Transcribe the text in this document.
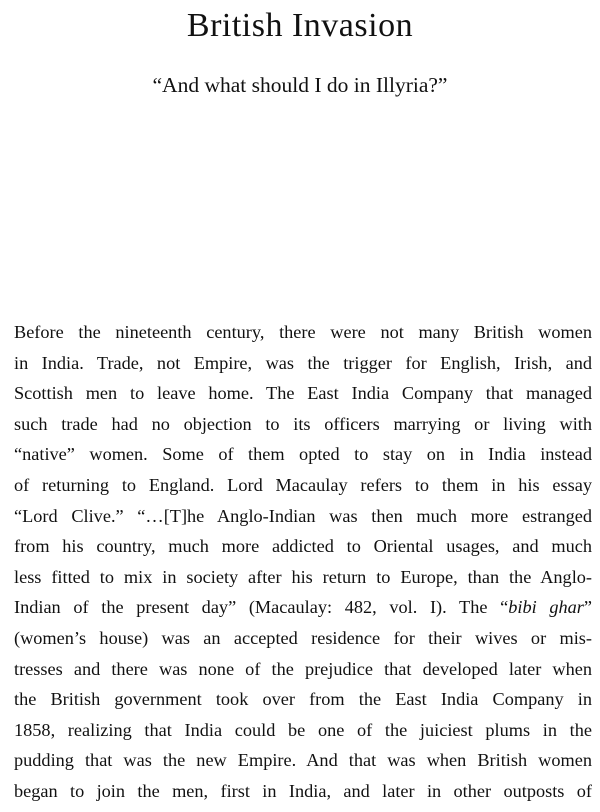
British Invasion

“And what should I do in Illyria?”

Before the nineteenth century, there were not many British women
in India. Trade, not Empire, was the trigger for English, Irish, and
Scottish men to leave home. The East India Company that managed
such trade had no objection to its officers marrying or living with
“native” women. Some of them opted to stay on in India instead
of returning to England. Lord Macaulay refers to them in his essay
“Lord Clive.” “…[T]he Anglo-Indian was then much more estranged
from his country, much more addicted to Oriental usages, and much
less fitted to mix in society after his return to Europe, than the Anglo-
Indian of the present day” (Macaulay: 482, vol. I). The “bibi ghar”
(women’s house) was an accepted residence for their wives or mis-
tresses and there was none of the prejudice that developed later when
the British government took over from the East India Company in
1858, realizing that India could be one of the juiciest plums in the
pudding that was the new Empire. And that was when British women
began to join the men, first in India, and later in other outposts of
